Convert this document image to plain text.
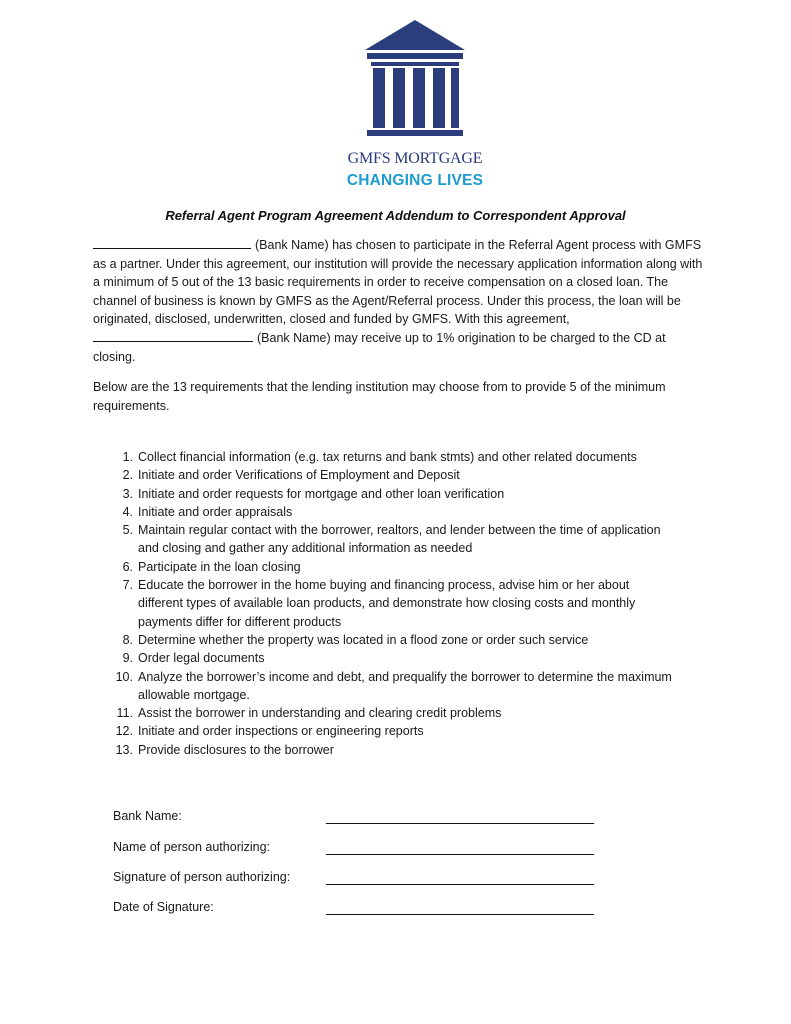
GMFS MORTGAGE
CHANGING LIVES
Referral Agent Program Agreement Addendum to Correspondent Approval
(Bank Name) has chosen to participate in the Referral Agent process with GMFS as a partner. Under this agreement, our institution will provide the necessary application information along with a minimum of 5 out of the 13 basic requirements in order to receive compensation on a closed loan. The channel of business is known by GMFS as the Agent/Referral process. Under this process, the loan will be originated, disclosed, underwritten, closed and funded by GMFS. With this agreement, (Bank Name) may receive up to 1% origination to be charged to the CD at closing.
Below are the 13 requirements that the lending institution may choose from to provide 5 of the minimum requirements.
1. Collect financial information (e.g. tax returns and bank stmts) and other related documents
2. Initiate and order Verifications of Employment and Deposit
3. Initiate and order requests for mortgage and other loan verification
4. Initiate and order appraisals
5. Maintain regular contact with the borrower, realtors, and lender between the time of application and closing and gather any additional information as needed
6. Participate in the loan closing
7. Educate the borrower in the home buying and financing process, advise him or her about different types of available loan products, and demonstrate how closing costs and monthly payments differ for different products
8. Determine whether the property was located in a flood zone or order such service
9. Order legal documents
10. Analyze the borrower’s income and debt, and prequalify the borrower to determine the maximum allowable mortgage.
11. Assist the borrower in understanding and clearing credit problems
12. Initiate and order inspections or engineering reports
13. Provide disclosures to the borrower
Bank Name:
Name of person authorizing:
Signature of person authorizing:
Date of Signature:
